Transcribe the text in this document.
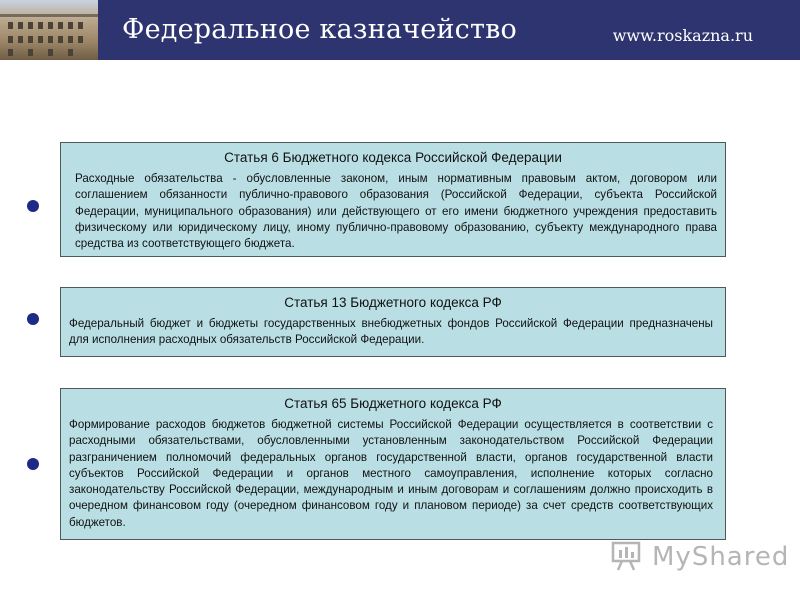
Федеральное казначейство	www.roskazna.ru
Статья 6 Бюджетного кодекса Российской Федерации
Расходные обязательства - обусловленные законом, иным нормативным правовым актом, договором или соглашением обязанности публично-правового образования (Российской Федерации, субъекта Российской Федерации, муниципального образования) или действующего от его имени бюджетного учреждения предоставить физическому или юридическому лицу, иному публично-правовому образованию, субъекту международного права средства из соответствующего бюджета.
Статья 13 Бюджетного кодекса РФ
Федеральный бюджет и бюджеты государственных внебюджетных фондов Российской Федерации предназначены для исполнения расходных обязательств Российской Федерации.
Статья 65 Бюджетного кодекса РФ
Формирование расходов бюджетов бюджетной системы Российской Федерации осуществляется в соответствии с расходными обязательствами, обусловленными установленным законодательством Российской Федерации разграничением полномочий федеральных органов государственной власти, органов государственной власти субъектов Российской Федерации и органов местного самоуправления, исполнение которых согласно законодательству Российской Федерации, международным и иным договорам и соглашениям должно происходить в очередном финансовом году (очередном финансовом году и плановом периоде) за счет средств соответствующих бюджетов.
MyShared
